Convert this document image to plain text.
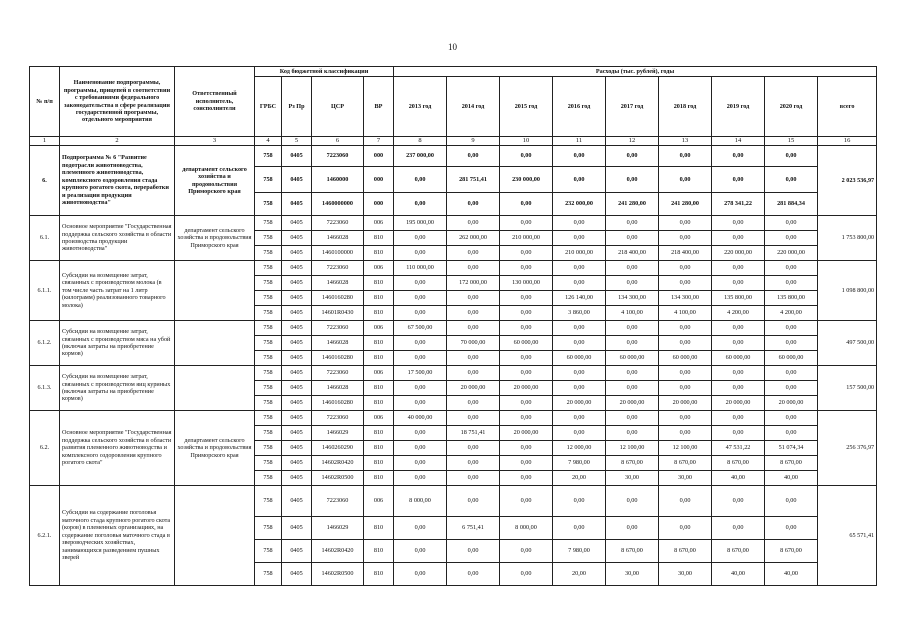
10
№ п/п	Наименование подпрограммы, программы, прицепей в соответствии с требованиями федерального законодательства в сфере реализации государственной программы, отдельного мероприятия	Ответственный исполнитель, соисполнители	Код бюджетной классификации				Расходы (тыс. рублей), годы								
			ГРБС	Рз Пр	ЦСР	ВР	2013 год	2014 год	2015 год	2016 год	2017 год	2018 год	2019 год	2020 год	всего
1	2	3	4	5	6	7	8	9	10	11	12	13	14	15	16
6.	Подпрограмма № 6 "Развитие подотрасли животноводства, племенного животноводства, комплексного оздоровления стада крупного рогатого скота, переработки и реализации продукции животноводства"	департамент сельского хозяйства и продовольствия Приморского края	758	0405	7223060	000	237 000,00	0,00	0,00	0,00	0,00	0,00	0,00	0,00	2 023 536,97
			758	0405	1460000	000	0,00	281 751,41	230 000,00	0,00	0,00	0,00	0,00	0,00	
			758	0405	1460000000	000	0,00	0,00	0,00	232 000,00	241 280,00	241 280,00	278 341,22	281 884,34	
6.1.	Основное мероприятие "Государственная поддержка сельского хозяйства в области производства продукции животноводства"	департамент сельского хозяйства и продовольствия Приморского края	758	0405	7223060	006	195 000,00	0,00	0,00	0,00	0,00	0,00	0,00	0,00	1 753 800,00
			758	0405	1466028	810	0,00	262 000,00	210 000,00	0,00	0,00	0,00	0,00	0,00	
			758	0405	1460100000	810	0,00	0,00	0,00	210 000,00	218 400,00	218 400,00	220 000,00	220 000,00	
6.1.1.	Субсидии на возмещение затрат, связанных с производством молока (в том числе часть затрат на 1 литр (килограмм) реализованного товарного молока)		758	0405	7223060	006	110 000,00	0,00	0,00	0,00	0,00	0,00	0,00	0,00	1 098 800,00
			758	0405	1466028	810	0,00	172 000,00	130 000,00	0,00	0,00	0,00	0,00	0,00	
			758	0405	1460160280	810	0,00	0,00	0,00	126 140,00	134 300,00	134 300,00	135 800,00	135 800,00	
			758	0405	14601R0430	810	0,00	0,00	0,00	3 860,00	4 100,00	4 100,00	4 200,00	4 200,00	
6.1.2.	Субсидии на возмещение затрат, связанных с производством мяса на убой (включая затраты на приобретение кормов)		758	0405	7223060	006	67 500,00	0,00	0,00	0,00	0,00	0,00	0,00	0,00	497 500,00
			758	0405	1466028	810	0,00	70 000,00	60 000,00	0,00	0,00	0,00	0,00	0,00	
			758	0405	1460160280	810	0,00	0,00	0,00	60 000,00	60 000,00	60 000,00	60 000,00	60 000,00	
6.1.3.	Субсидии на возмещение затрат, связанных с производством яиц куриных (включая затраты на приобретение кормов)		758	0405	7223060	006	17 500,00	0,00	0,00	0,00	0,00	0,00	0,00	0,00	157 500,00
			758	0405	1466028	810	0,00	20 000,00	20 000,00	0,00	0,00	0,00	0,00	0,00	
			758	0405	1460160280	810	0,00	0,00	0,00	20 000,00	20 000,00	20 000,00	20 000,00	20 000,00	
6.2.	Основное мероприятие "Государственная поддержка сельского хозяйства в области развития племенного животноводства и комплексного оздоровления крупного рогатого скота"	департамент сельского хозяйства и продовольствия Приморского края	758	0405	7223060	006	40 000,00	0,00	0,00	0,00	0,00	0,00	0,00	0,00	256 376,97
			758	0405	1466029	810	0,00	18 751,41	20 000,00	0,00	0,00	0,00	0,00	0,00	
			758	0405	1460260290	810	0,00	0,00	0,00	12 000,00	12 100,00	12 100,00	47 531,22	51 074,34	
			758	0405	14602R0420	810	0,00	0,00	0,00	7 980,00	8 670,00	8 670,00	8 670,00	8 670,00	
			758	0405	14602R0500	810	0,00	0,00	0,00	20,00	30,00	30,00	40,00	40,00	
6.2.1.	Субсидии на содержание поголовья маточного стада крупного рогатого скота (коров) в племенных организациях, на содержание поголовья маточного стада в звероводческих хозяйствах, занимающихся разведением пушных зверей		758	0405	7223060	006	8 000,00	0,00	0,00	0,00	0,00	0,00	0,00	0,00	65 571,41
			758	0405	1466029	810	0,00	6 751,41	8 000,00	0,00	0,00	0,00	0,00	0,00	
			758	0405	14602R0420	810	0,00	0,00	0,00	7 980,00	8 670,00	8 670,00	8 670,00	8 670,00	
			758	0405	14602R0500	810	0,00	0,00	0,00	20,00	30,00	30,00	40,00	40,00	
